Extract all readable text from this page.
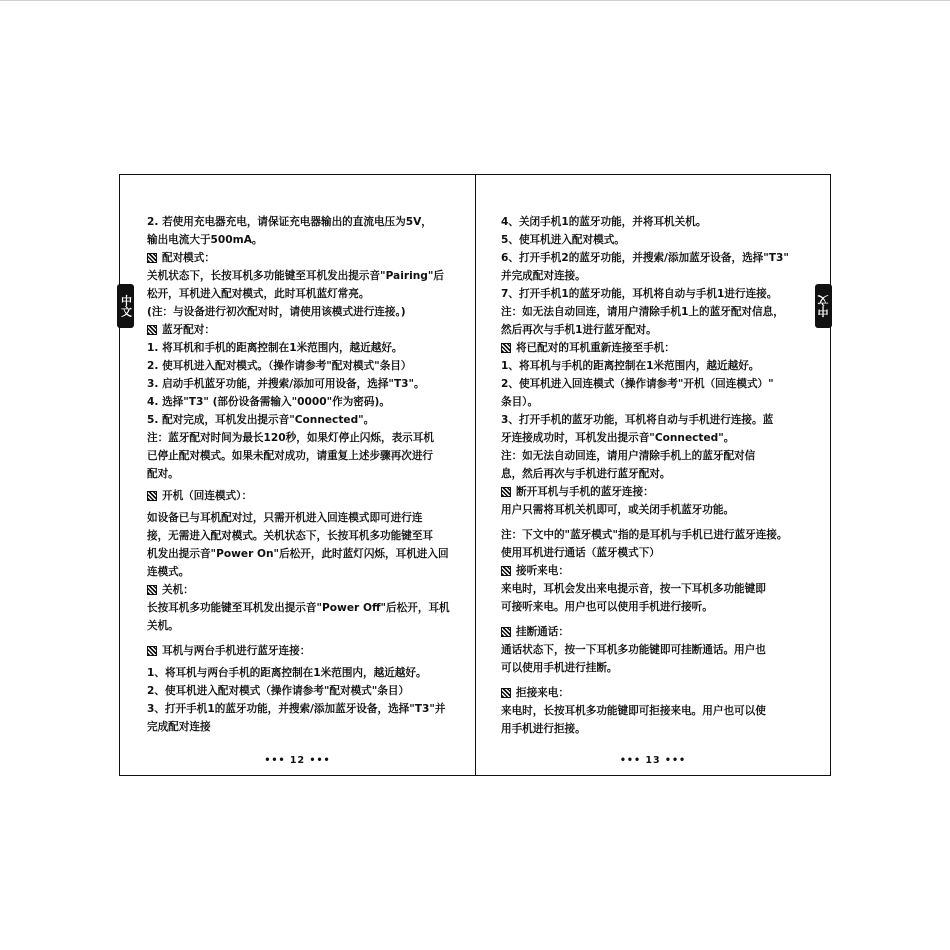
2. 若使用充电器充电，请保证充电器输出的直流电压为5V，
输出电流大于500mA。
配对模式：
关机状态下，长按耳机多功能键至耳机发出提示音"Pairing"后
松开，耳机进入配对模式，此时耳机蓝灯常亮。
(注：与设备进行初次配对时，请使用该模式进行连接。)
蓝牙配对：
1. 将耳机和手机的距离控制在1米范围内，越近越好。
2. 使耳机进入配对模式。（操作请参考"配对模式"条目）
3. 启动手机蓝牙功能，并搜索/添加可用设备，选择"T3"。
4. 选择"T3" (部份设备需输入"0000"作为密码)。
5. 配对完成，耳机发出提示音"Connected"。
注：蓝牙配对时间为最长120秒，如果灯停止闪烁，表示耳机
已停止配对模式。如果未配对成功，请重复上述步骤再次进行
配对。
开机（回连模式）：
如设备已与耳机配对过，只需开机进入回连模式即可进行连
接，无需进入配对模式。关机状态下，长按耳机多功能键至耳
机发出提示音"Power On"后松开，此时蓝灯闪烁，耳机进入回
连模式。
关机：
长按耳机多功能键至耳机发出提示音"Power Off"后松开，耳机
关机。
耳机与两台手机进行蓝牙连接：
1、将耳机与两台手机的距离控制在1米范围内，越近越好。
2、使耳机进入配对模式（操作请参考"配对模式"条目）
3、打开手机1的蓝牙功能，并搜索/添加蓝牙设备，选择"T3"并
完成配对连接
••• 12 •••
4、关闭手机1的蓝牙功能，并将耳机关机。
5、使耳机进入配对模式。
6、打开手机2的蓝牙功能，并搜索/添加蓝牙设备，选择"T3"
并完成配对连接。
7、打开手机1的蓝牙功能，耳机将自动与手机1进行连接。
注：如无法自动回连，请用户清除手机1上的蓝牙配对信息，
然后再次与手机1进行蓝牙配对。
将已配对的耳机重新连接至手机：
1、将耳机与手机的距离控制在1米范围内，越近越好。
2、使耳机进入回连模式（操作请参考"开机（回连模式）"
条目）。
3、打开手机的蓝牙功能，耳机将自动与手机进行连接。蓝
牙连接成功时，耳机发出提示音"Connected"。
注：如无法自动回连，请用户清除手机上的蓝牙配对信
息，然后再次与手机进行蓝牙配对。
断开耳机与手机的蓝牙连接：
用户只需将耳机关机即可，或关闭手机蓝牙功能。
注：下文中的"蓝牙模式"指的是耳机与手机已进行蓝牙连接。
使用耳机进行通话（蓝牙模式下）
接听来电：
来电时，耳机会发出来电提示音，按一下耳机多功能键即
可接听来电。用户也可以使用手机进行接听。
挂断通话：
通话状态下，按一下耳机多功能键即可挂断通话。用户也
可以使用手机进行挂断。
拒接来电：
来电时，长按耳机多功能键即可拒接来电。用户也可以使
用手机进行拒接。
••• 13 •••
中文	中文
